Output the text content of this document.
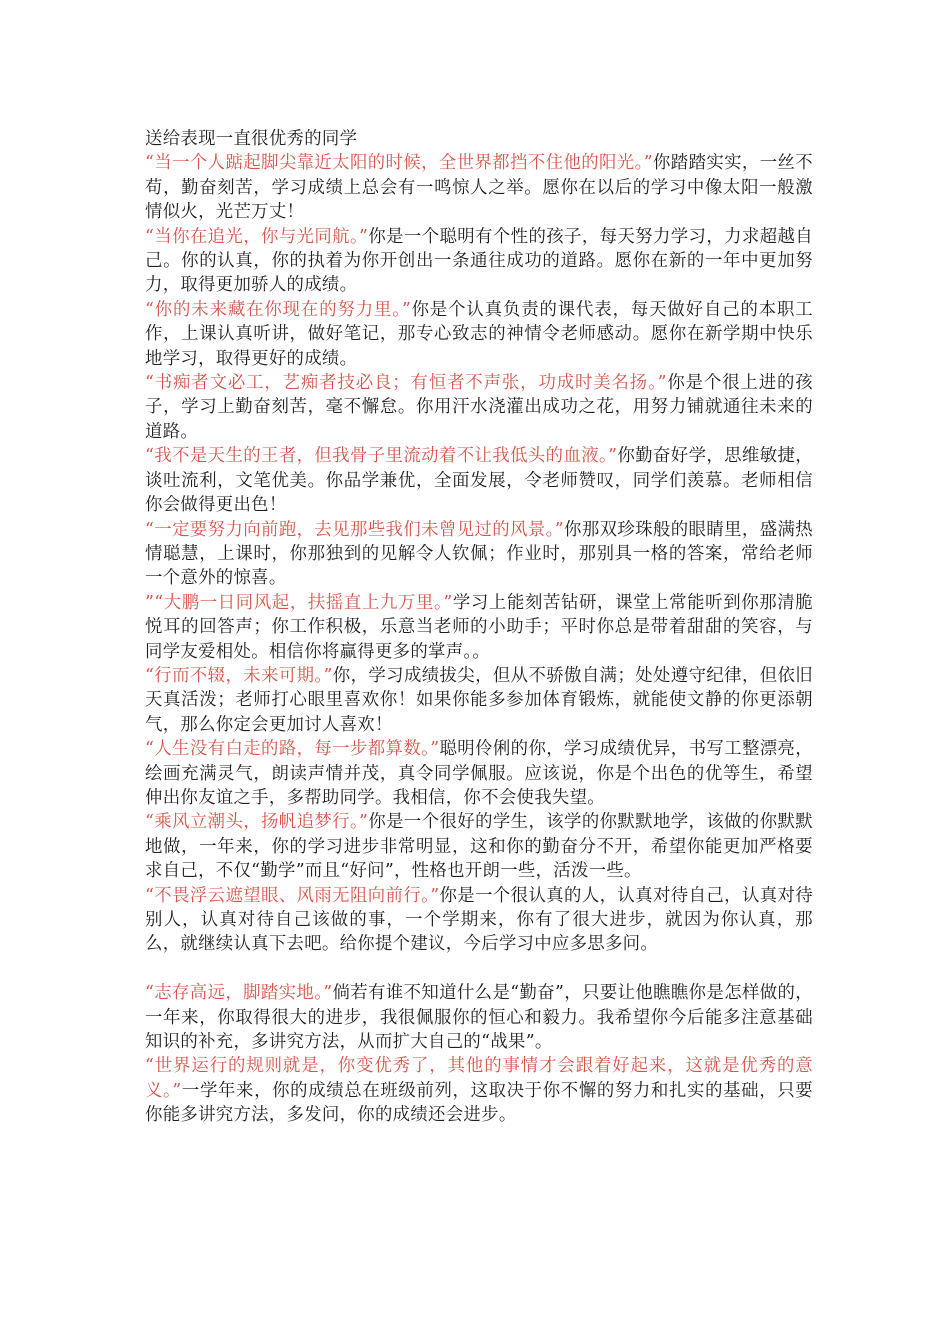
送给表现一直很优秀的同学

“当一个人踮起脚尖靠近太阳的时候，全世界都挡不住他的阳光。”你踏踏实实，一丝不苟，勤奋刻苦，学习成绩上总会有一鸣惊人之举。愿你在以后的学习中像太阳一般激情似火，光芒万丈！

“当你在追光，你与光同航。”你是一个聪明有个性的孩子，每天努力学习，力求超越自己。你的认真，你的执着为你开创出一条通往成功的道路。愿你在新的一年中更加努力，取得更加骄人的成绩。

“你的未来藏在你现在的努力里。”你是个认真负责的课代表，每天做好自己的本职工作，上课认真听讲，做好笔记，那专心致志的神情令老师感动。愿你在新学期中快乐地学习，取得更好的成绩。

“书痴者文必工，艺痴者技必良；有恒者不声张，功成时美名扬。”你是个很上进的孩子，学习上勤奋刻苦，毫不懈怠。你用汗水浇灌出成功之花，用努力铺就通往未来的道路。

“我不是天生的王者，但我骨子里流动着不让我低头的血液。”你勤奋好学，思维敏捷，谈吐流利，文笔优美。你品学兼优，全面发展，令老师赞叹，同学们羡慕。老师相信你会做得更出色！

“一定要努力向前跑，去见那些我们未曾见过的风景。”你那双珍珠般的眼睛里，盛满热情聪慧，上课时，你那独到的见解令人钦佩；作业时，那别具一格的答案，常给老师一个意外的惊喜。

”“大鹏一日同风起，扶摇直上九万里。”学习上能刻苦钻研，课堂上常能听到你那清脆悦耳的回答声；你工作积极，乐意当老师的小助手；平时你总是带着甜甜的笑容，与同学友爱相处。相信你将赢得更多的掌声。。

“行而不辍，未来可期。”你，学习成绩拔尖，但从不骄傲自满；处处遵守纪律，但依旧天真活泼；老师打心眼里喜欢你！如果你能多参加体育锻炼，就能使文静的你更添朝气，那么你定会更加讨人喜欢！

“人生没有白走的路，每一步都算数。”聪明伶俐的你，学习成绩优异，书写工整漂亮，绘画充满灵气，朗读声情并茂，真令同学佩服。应该说，你是个出色的优等生，希望伸出你友谊之手，多帮助同学。我相信，你不会使我失望。

“乘风立潮头，扬帆追梦行。”你是一个很好的学生，该学的你默默地学，该做的你默默地做，一年来，你的学习进步非常明显，这和你的勤奋分不开，希望你能更加严格要求自己，不仅“勤学”而且“好问”，性格也开朗一些，活泼一些。

“不畏浮云遮望眼、风雨无阻向前行。”你是一个很认真的人，认真对待自己，认真对待别人，认真对待自己该做的事，一个学期来，你有了很大进步，就因为你认真，那么，就继续认真下去吧。给你提个建议，今后学习中应多思多问。

“志存高远，脚踏实地。”倘若有谁不知道什么是“勤奋”，只要让他瞧瞧你是怎样做的，一年来，你取得很大的进步，我很佩服你的恒心和毅力。我希望你今后能多注意基础知识的补充，多讲究方法，从而扩大自己的“战果”。

“世界运行的规则就是，你变优秀了，其他的事情才会跟着好起来，这就是优秀的意义。”一学年来，你的成绩总在班级前列，这取决于你不懈的努力和扎实的基础，只要你能多讲究方法，多发问，你的成绩还会进步。
